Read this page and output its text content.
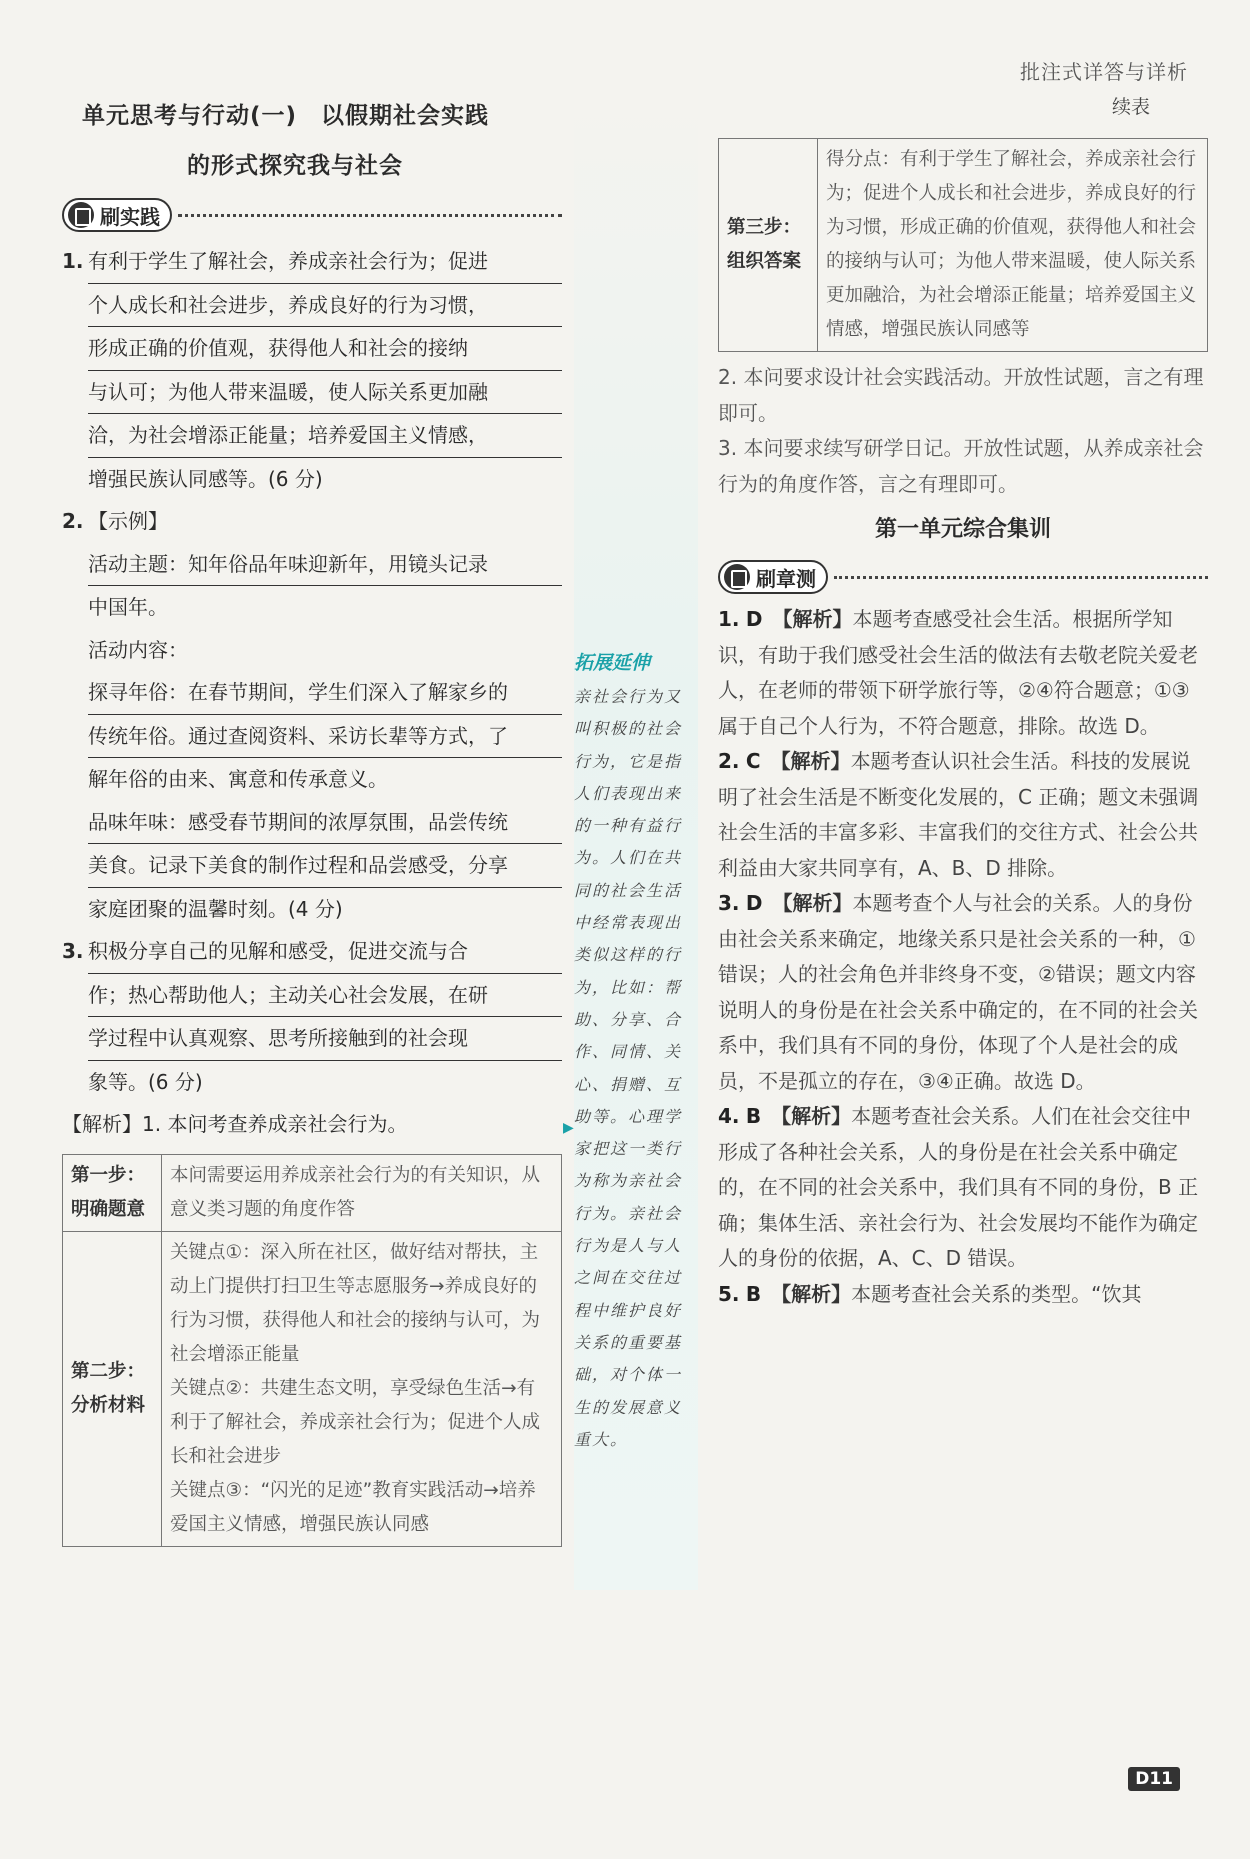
批注式详答与详析
续表
单元思考与行动(一)　以假期社会实践
的形式探究我与社会
刷实践
1. 有利于学生了解社会，养成亲社会行为；促进
个人成长和社会进步，养成良好的行为习惯，
形成正确的价值观，获得他人和社会的接纳
与认可；为他人带来温暖，使人际关系更加融
洽，为社会增添正能量；培养爱国主义情感，
增强民族认同感等。(6 分)
2. 【示例】
活动主题：知年俗品年味迎新年，用镜头记录
中国年。
活动内容：
探寻年俗：在春节期间，学生们深入了解家乡的
传统年俗。通过查阅资料、采访长辈等方式，了
解年俗的由来、寓意和传承意义。
品味年味：感受春节期间的浓厚氛围，品尝传统
美食。记录下美食的制作过程和品尝感受，分享
家庭团聚的温馨时刻。(4 分)
3. 积极分享自己的见解和感受，促进交流与合
作；热心帮助他人；主动关心社会发展，在研
学过程中认真观察、思考所接触到的社会现
象等。(6 分)
【解析】1. 本问考查养成亲社会行为。
第一步：
明确题意	本问需要运用养成亲社会行为的有关知识，从意义类习题的角度作答
第二步：
分析材料	关键点①：深入所在社区，做好结对帮扶，主动上门提供打扫卫生等志愿服务→养成良好的行为习惯，获得他人和社会的接纳与认可，为社会增添正能量
关键点②：共建生态文明，享受绿色生活→有利于了解社会，养成亲社会行为；促进个人成长和社会进步
关键点③：“闪光的足迹”教育实践活动→培养爱国主义情感，增强民族认同感
拓展延伸
亲社会行为又叫积极的社会行为，它是指人们表现出来的一种有益行为。人们在共同的社会生活中经常表现出类似这样的行为，比如：帮助、分享、合作、同情、关心、捐赠、互助等。心理学家把这一类行为称为亲社会行为。亲社会行为是人与人之间在交往过程中维护良好关系的重要基础，对个体一生的发展意义重大。
▶
第三步：
组织答案	得分点：有利于学生了解社会，养成亲社会行为；促进个人成长和社会进步，养成良好的行为习惯，形成正确的价值观，获得他人和社会的接纳与认可；为他人带来温暖，使人际关系更加融洽，为社会增添正能量；培养爱国主义情感，增强民族认同感等
2. 本问要求设计社会实践活动。开放性试题，言之有理即可。
3. 本问要求续写研学日记。开放性试题，从养成亲社会行为的角度作答，言之有理即可。
第一单元综合集训
刷章测
1. D　 【解析】本题考查感受社会生活。根据所学知识，有助于我们感受社会生活的做法有去敬老院关爱老人，在老师的带领下研学旅行等，②④符合题意；①③属于自己个人行为，不符合题意，排除。故选 D。
2. C　 【解析】本题考查认识社会生活。科技的发展说明了社会生活是不断变化发展的，C 正确；题文未强调社会生活的丰富多彩、丰富我们的交往方式、社会公共利益由大家共同享有，A、B、D 排除。
3. D　 【解析】本题考查个人与社会的关系。人的身份由社会关系来确定，地缘关系只是社会关系的一种，①错误；人的社会角色并非终身不变，②错误；题文内容说明人的身份是在社会关系中确定的，在不同的社会关系中，我们具有不同的身份，体现了个人是社会的成员，不是孤立的存在，③④正确。故选 D。
4. B　 【解析】本题考查社会关系。人们在社会交往中形成了各种社会关系，人的身份是在社会关系中确定的，在不同的社会关系中，我们具有不同的身份，B 正确；集体生活、亲社会行为、社会发展均不能作为确定人的身份的依据，A、C、D 错误。
5. B　 【解析】本题考查社会关系的类型。“饮其
D11
